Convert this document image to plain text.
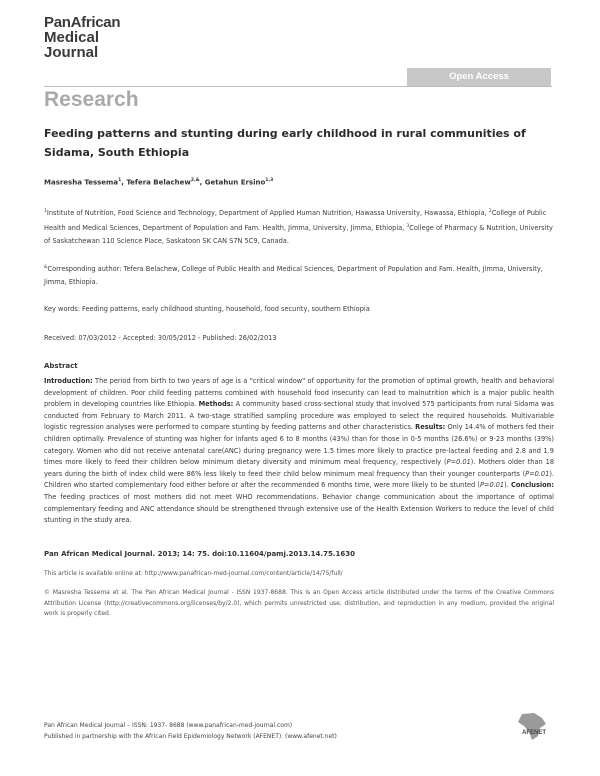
PanAfrican
Medical
Journal
Open Access
Research
Feeding patterns and stunting during early childhood in rural communities of Sidama, South Ethiopia
Masresha Tessema$^1$, Tefera Belachew$^{2,\&}$, Getahun Ersino$^{1,3}$
$^1$Institute of Nutrition, Food Science and Technology, Department of Applied Human Nutrition, Hawassa University, Hawassa, Ethiopia, $^2$College of Public Health and Medical Sciences, Department of Population and Fam. Health, Jimma, University, Jimma, Ethiopia, $^3$College of Pharmacy & Nutrition, University of Saskatchewan 110 Science Place, Saskatoon SK CAN S7N 5C9, Canada.
&Corresponding author: Tefera Belachew, College of Public Health and Medical Sciences, Department of Population and Fam. Health, Jimma, University, Jimma, Ethiopia.
Key words: Feeding patterns, early childhood stunting, household, food security, southern Ethiopia
Received: 07/03/2012 - Accepted: 30/05/2012 - Published: 26/02/2013
Abstract
Introduction: The period from birth to two years of age is a "critical window" of opportunity for the promotion of optimal growth, health and behavioral development of children. Poor child feeding patterns combined with household food insecurity can lead to malnutrition which is a major public health problem in developing countries like Ethiopia. Methods: A community based cross-sectional study that involved 575 participants from rural Sidama was conducted from February to March 2011. A two-stage stratified sampling procedure was employed to select the required households. Multivariable logistic regression analyses were performed to compare stunting by feeding patterns and other characteristics. Results: Only 14.4% of mothers fed their children optimally. Prevalence of stunting was higher for infants aged 6 to 8 months (43%) than for those in 0-5 months (26.6%) or 9-23 months (39%) category. Women who did not receive antenatal care(ANC) during pregnancy were 1.5 times more likely to practice pre-lacteal feeding and 2.8 and 1.9 times more likely to feed their children below minimum dietary diversity and minimum meal frequency, respectively (P=0.01). Mothers older than 18 years during the birth of index child were 86% less likely to feed their child below minimum meal frequency than their younger counterparts (P=0.01). Children who started complementary food either before or after the recommended 6 months time, were more likely to be stunted (P=0.01). Conclusion: The feeding practices of most mothers did not meet WHO recommendations. Behavior change communication about the importance of optimal complementary feeding and ANC attendance should be strengthened through extensive use of the Health Extension Workers to reduce the level of child stunting in the study area.
Pan African Medical Journal. 2013; 14: 75. doi:10.11604/pamj.2013.14.75.1630
This article is available online at: http://www.panafrican-med-journal.com/content/article/14/75/full/
© Masresha Tessema et al. The Pan African Medical Journal - ISSN 1937-8688. This is an Open Access article distributed under the terms of the Creative Commons Attribution License (http://creativecommons.org/licenses/by/2.0), which permits unrestricted use, distribution, and reproduction in any medium, provided the original work is properly cited.
Pan African Medical Journal – ISSN: 1937- 8688 (www.panafrican-med-journal.com)
Published in partnership with the African Field Epidemiology Network (AFENET). (www.afenet.net)	AFENET
